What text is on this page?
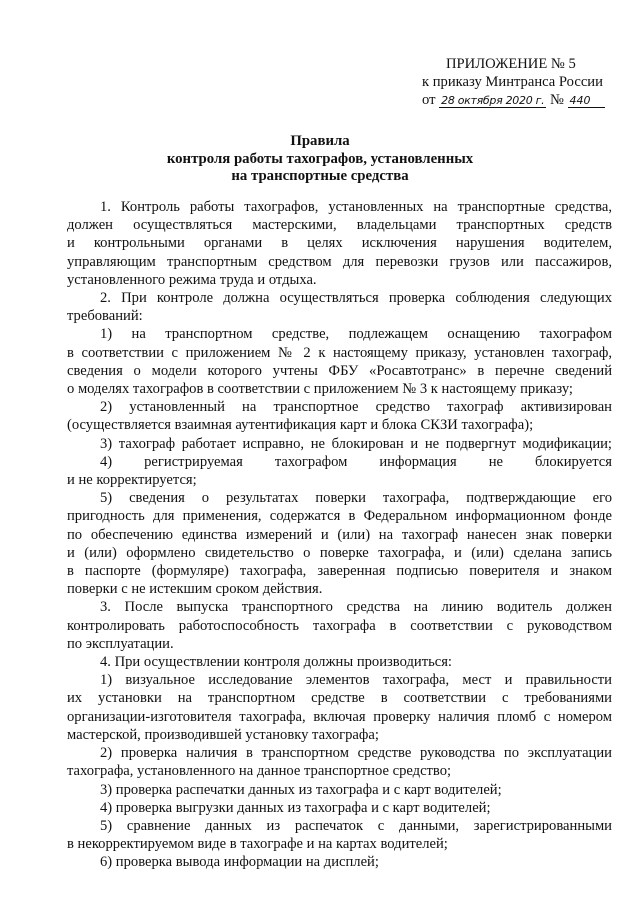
ПРИЛОЖЕНИЕ № 5
к приказу Минтранса России
от 28 октября 2020 г. № 440
Правила
контроля работы тахографов, установленных
на транспортные средства
1. Контроль работы тахографов, установленных на транспортные средства,
должен осуществляться мастерскими, владельцами транспортных средств
и контрольными органами в целях исключения нарушения водителем,
управляющим транспортным средством для перевозки грузов или пассажиров,
установленного режима труда и отдыха.
2. При контроле должна осуществляться проверка соблюдения следующих
требований:
1) на транспортном средстве, подлежащем оснащению тахографом
в соответствии с приложением № 2 к настоящему приказу, установлен тахограф,
сведения о модели которого учтены ФБУ «Росавтотранс» в перечне сведений
о моделях тахографов в соответствии с приложением № 3 к настоящему приказу;
2) установленный на транспортное средство тахограф активизирован
(осуществляется взаимная аутентификация карт и блока СКЗИ тахографа);
3) тахограф работает исправно, не блокирован и не подвергнут модификации;
4) регистрируемая тахографом информация не блокируется
и не корректируется;
5) сведения о результатах поверки тахографа, подтверждающие его
пригодность для применения, содержатся в Федеральном информационном фонде
по обеспечению единства измерений и (или) на тахограф нанесен знак поверки
и (или) оформлено свидетельство о поверке тахографа, и (или) сделана запись
в паспорте (формуляре) тахографа, заверенная подписью поверителя и знаком
поверки с не истекшим сроком действия.
3. После выпуска транспортного средства на линию водитель должен
контролировать работоспособность тахографа в соответствии с руководством
по эксплуатации.
4. При осуществлении контроля должны производиться:
1) визуальное исследование элементов тахографа, мест и правильности
их установки на транспортном средстве в соответствии с требованиями
организации-изготовителя тахографа, включая проверку наличия пломб с номером
мастерской, производившей установку тахографа;
2) проверка наличия в транспортном средстве руководства по эксплуатации
тахографа, установленного на данное транспортное средство;
3) проверка распечатки данных из тахографа и с карт водителей;
4) проверка выгрузки данных из тахографа и с карт водителей;
5) сравнение данных из распечаток с данными, зарегистрированными
в некорректируемом виде в тахографе и на картах водителей;
6) проверка вывода информации на дисплей;
